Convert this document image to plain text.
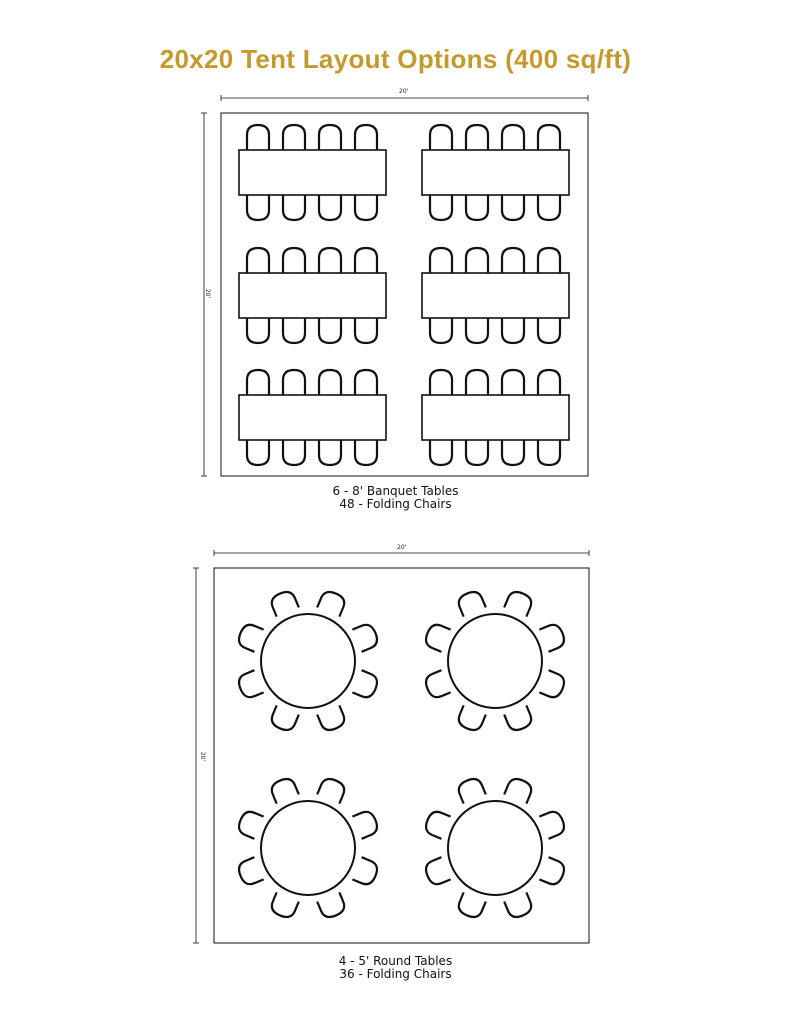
20x20 Tent Layout Options (400 sq/ft)
20'
20'
20'
20'
6 - 8' Banquet Tables
48 - Folding Chairs
4 - 5' Round Tables
36 - Folding Chairs
